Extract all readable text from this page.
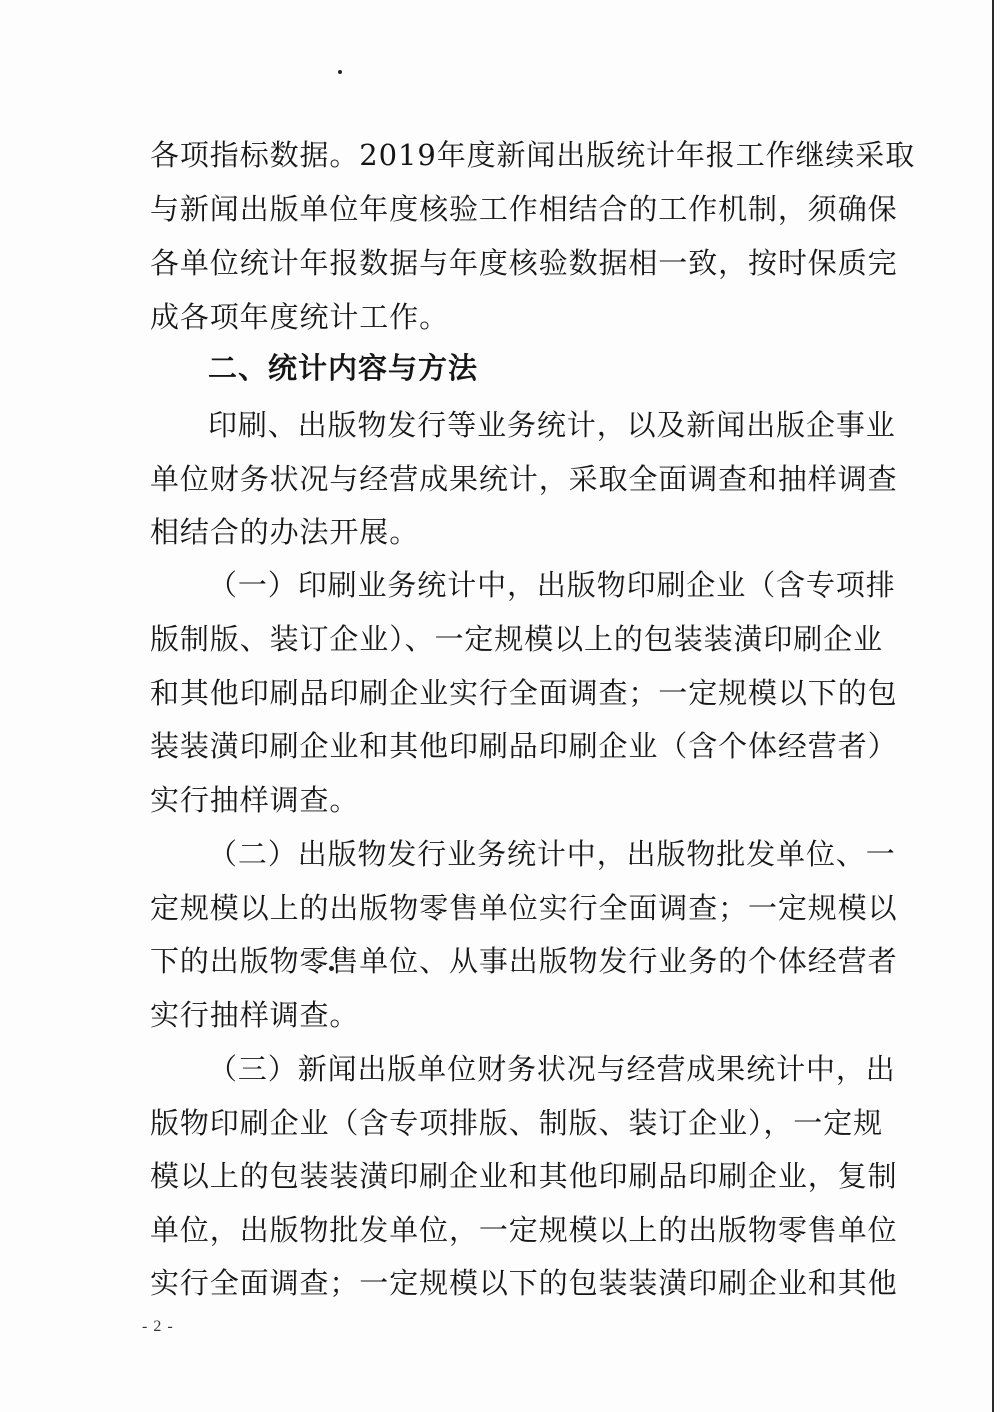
各项指标数据。2019年度新闻出版统计年报工作继续采取
与新闻出版单位年度核验工作相结合的工作机制，须确保
各单位统计年报数据与年度核验数据相一致，按时保质完
成各项年度统计工作。
二、统计内容与方法
印刷、出版物发行等业务统计，以及新闻出版企事业
单位财务状况与经营成果统计，采取全面调查和抽样调查
相结合的办法开展。
（一）印刷业务统计中，出版物印刷企业（含专项排
版制版、装订企业）、一定规模以上的包装装潢印刷企业
和其他印刷品印刷企业实行全面调查；一定规模以下的包
装装潢印刷企业和其他印刷品印刷企业（含个体经营者）
实行抽样调查。
（二）出版物发行业务统计中，出版物批发单位、一
定规模以上的出版物零售单位实行全面调查；一定规模以
下的出版物零售单位、从事出版物发行业务的个体经营者
实行抽样调查。
（三）新闻出版单位财务状况与经营成果统计中，出
版物印刷企业（含专项排版、制版、装订企业），一定规
模以上的包装装潢印刷企业和其他印刷品印刷企业，复制
单位，出版物批发单位，一定规模以上的出版物零售单位
实行全面调查；一定规模以下的包装装潢印刷企业和其他
- 2 -
